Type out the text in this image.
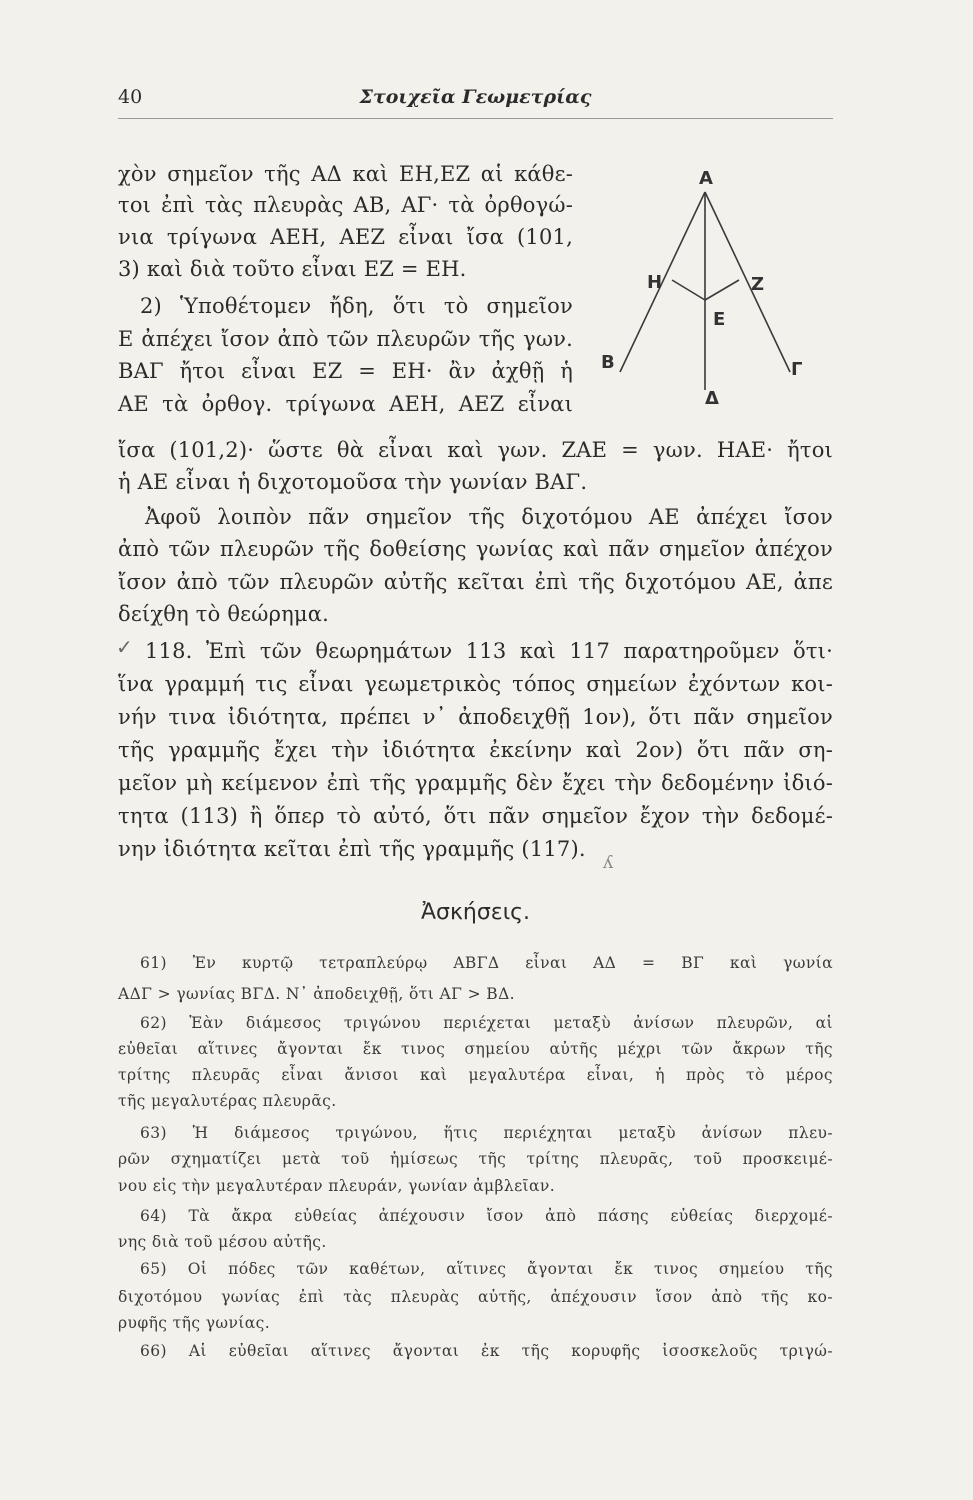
40	Στοιχεῖα Γεωμετρίας
χὸν σημεῖον τῆς ΑΔ καὶ ΕΗ,ΕΖ αἱ κάθε-
τοι ἐπὶ τὰς πλευρὰς ΑΒ, ΑΓ· τὰ ὀρθογώ-
νια τρίγωνα ΑΕΗ, ΑΕΖ εἶναι ἴσα (101,
3) καὶ διὰ τοῦτο εἶναι ΕΖ = ΕΗ.
2) Ὑποθέτομεν ἤδη, ὅτι τὸ σημεῖον
Ε ἀπέχει ἴσον ἀπὸ τῶν πλευρῶν τῆς γων.
ΒΑΓ ἤτοι εἶναι ΕΖ = ΕΗ· ἂν ἀχθῇ ἡ
ΑΕ τὰ ὀρθογ. τρίγωνα ΑΕΗ, ΑΕΖ εἶναι
A
H	Z
E
B	Γ
Δ
ἴσα (101,2)· ὥστε θὰ εἶναι καὶ γων. ΖΑΕ = γων. ΗΑΕ· ἤτοι
ἡ ΑΕ εἶναι ἡ διχοτομοῦσα τὴν γωνίαν ΒΑΓ.
Ἀφοῦ λοιπὸν πᾶν σημεῖον τῆς διχοτόμου ΑΕ ἀπέχει ἴσον
ἀπὸ τῶν πλευρῶν τῆς δοθείσης γωνίας καὶ πᾶν σημεῖον ἀπέχον
ἴσον ἀπὸ τῶν πλευρῶν αὐτῆς κεῖται ἐπὶ τῆς διχοτόμου ΑΕ, ἀπε
δείχθη τὸ θεώρημα.
✓ 118. Ἐπὶ τῶν θεωρημάτων 113 καὶ 117 παρατηροῦμεν ὅτι·
ἵνα γραμμή τις εἶναι γεωμετρικὸς τόπος σημείων ἐχόντων κοι-
νήν τινα ἰδιότητα, πρέπει ν᾽ ἀποδειχθῇ 1ον), ὅτι πᾶν σημεῖον
τῆς γραμμῆς ἔχει τὴν ἰδιότητα ἐκείνην καὶ 2ον) ὅτι πᾶν ση-
μεῖον μὴ κείμενον ἐπὶ τῆς γραμμῆς δὲν ἔχει τὴν δεδομένην ἰδιό-
τητα (113) ἢ ὅπερ τὸ αὐτό, ὅτι πᾶν σημεῖον ἔχον τὴν δεδομέ-
νην ἰδιότητα κεῖται ἐπὶ τῆς γραμμῆς (117).
ʎ
Ἀσκήσεις.
61) Ἐν κυρτῷ τετραπλεύρῳ ΑΒΓΔ εἶναι ΑΔ = ΒΓ καὶ γωνία
ΑΔΓ > γωνίας ΒΓΔ. Ν᾽ ἀποδειχθῇ, ὅτι ΑΓ > ΒΔ.
62) Ἐὰν διάμεσος τριγώνου περιέχεται μεταξὺ ἀνίσων πλευρῶν, αἱ
εὐθεῖαι αἵτινες ἄγονται ἔκ τινος σημείου αὐτῆς μέχρι τῶν ἄκρων τῆς
τρίτης πλευρᾶς εἶναι ἄνισοι καὶ μεγαλυτέρα εἶναι, ἡ πρὸς τὸ μέρος
τῆς μεγαλυτέρας πλευρᾶς.
63) Ἡ διάμεσος τριγώνου, ἥτις περιέχηται μεταξὺ ἀνίσων πλευ-
ρῶν σχηματίζει μετὰ τοῦ ἡμίσεως τῆς τρίτης πλευρᾶς, τοῦ προσκειμέ-
νου εἰς τὴν μεγαλυτέραν πλευράν, γωνίαν ἀμβλεῖαν.
64) Τὰ ἄκρα εὐθείας ἀπέχουσιν ἴσον ἀπὸ πάσης εὐθείας διερχομέ-
νης διὰ τοῦ μέσου αὐτῆς.
65) Οἱ πόδες τῶν καθέτων, αἵτινες ἄγονται ἔκ τινος σημείου τῆς
διχοτόμου γωνίας ἐπὶ τὰς πλευρὰς αὐτῆς, ἀπέχουσιν ἴσον ἀπὸ τῆς κο-
ρυφῆς τῆς γωνίας.
66) Αἱ εὐθεῖαι αἵτινες ἄγονται ἐκ τῆς κορυφῆς ἰσοσκελοῦς τριγώ-
